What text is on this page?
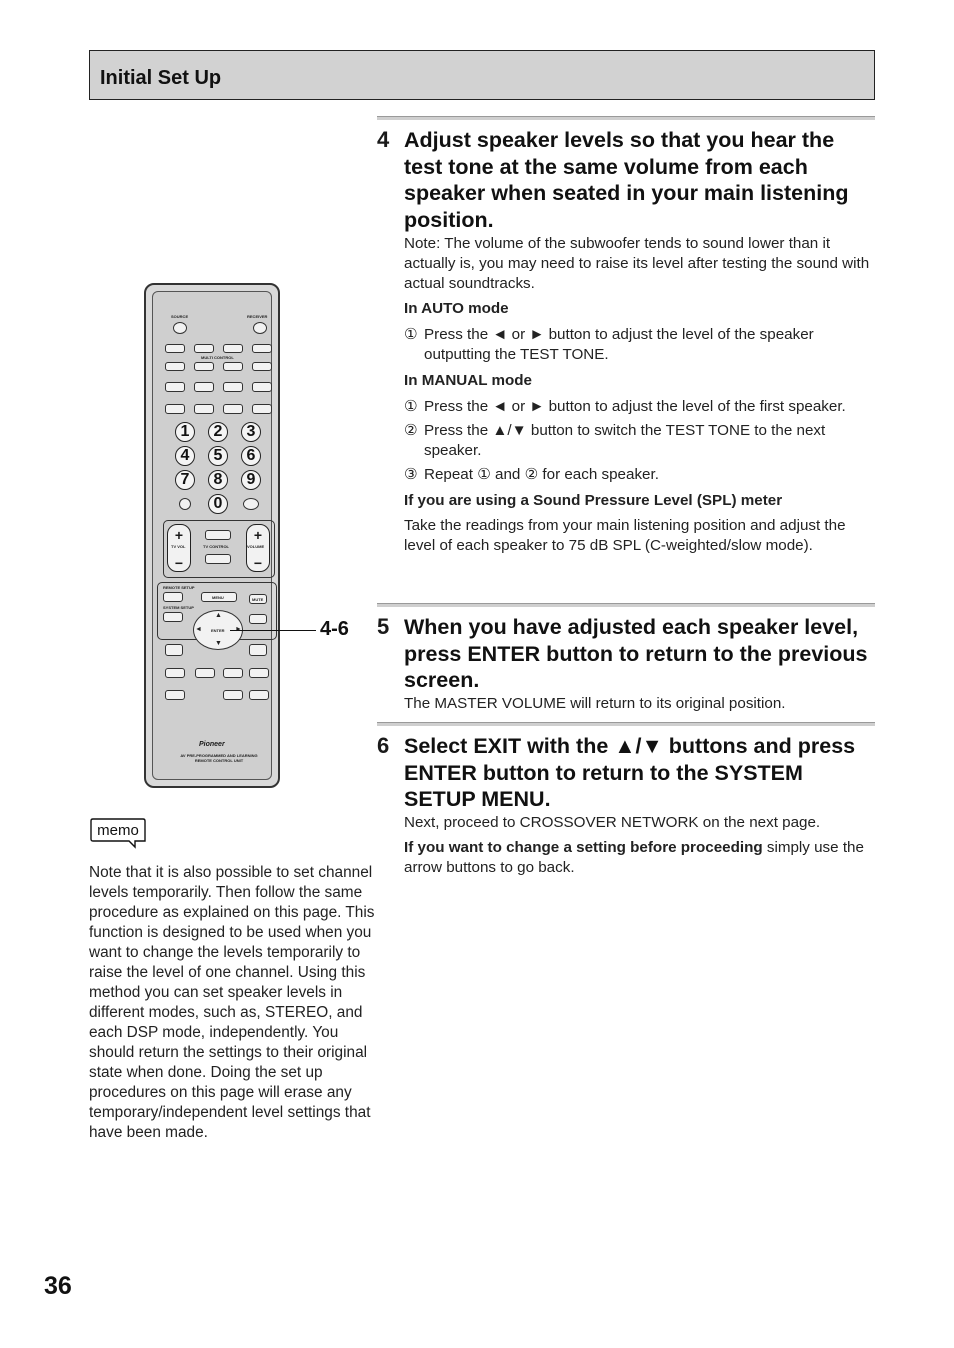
Initial Set Up
4 Adjust speaker levels so that you hear the test tone at the same volume from each speaker when seated in your main listening position.

Note: The volume of the subwoofer tends to sound lower than it actually is, you may need to raise its level after testing the sound with actual soundtracks.

In AUTO mode

① Press the ◄ or ► button to adjust the level of the speaker outputting the TEST TONE.

In MANUAL mode

① Press the ◄ or ► button to adjust the level of the first speaker.
② Press the ▲/▼ button to switch the TEST TONE to the next speaker.
③ Repeat ① and ② for each speaker.

If you are using a Sound Pressure Level (SPL) meter

Take the readings from your main listening position and adjust the level of each speaker to 75 dB SPL (C-weighted/slow mode).

5 When you have adjusted each speaker level, press ENTER button to return to the previous screen.

The MASTER VOLUME will return to its original position.

6 Select EXIT with the ▲/▼ buttons and press ENTER button to return to the SYSTEM SETUP MENU.

Next, proceed to CROSSOVER NETWORK on the next page.

If you want to change a setting before proceeding simply use the arrow buttons to go back.

SOURCE	RECEIVER
MULTI CONTROL
1	2	3
4	5	6
7	8	9
0
+
−
+
−
TV VOL	VOLUME
TV CONTROL
REMOTE SETUP
SYSTEM SETUP
MENU	MUTE
▲
▼
◄ ENTER
Pioneer
AV PRE-PROGRAMMED AND LEARNING REMOTE CONTROL UNIT
4-6
memo
Note that it is also possible to set channel levels temporarily. Then follow the same procedure as explained on this page. This function is designed to be used when you want to change the levels temporarily to raise the level of one channel. Using this method you can set speaker levels in different modes, such as, STEREO, and each DSP mode, independently. You should return the settings to their original state when done. Doing the set up procedures on this page will erase any temporary/independent level settings that have been made.
36
